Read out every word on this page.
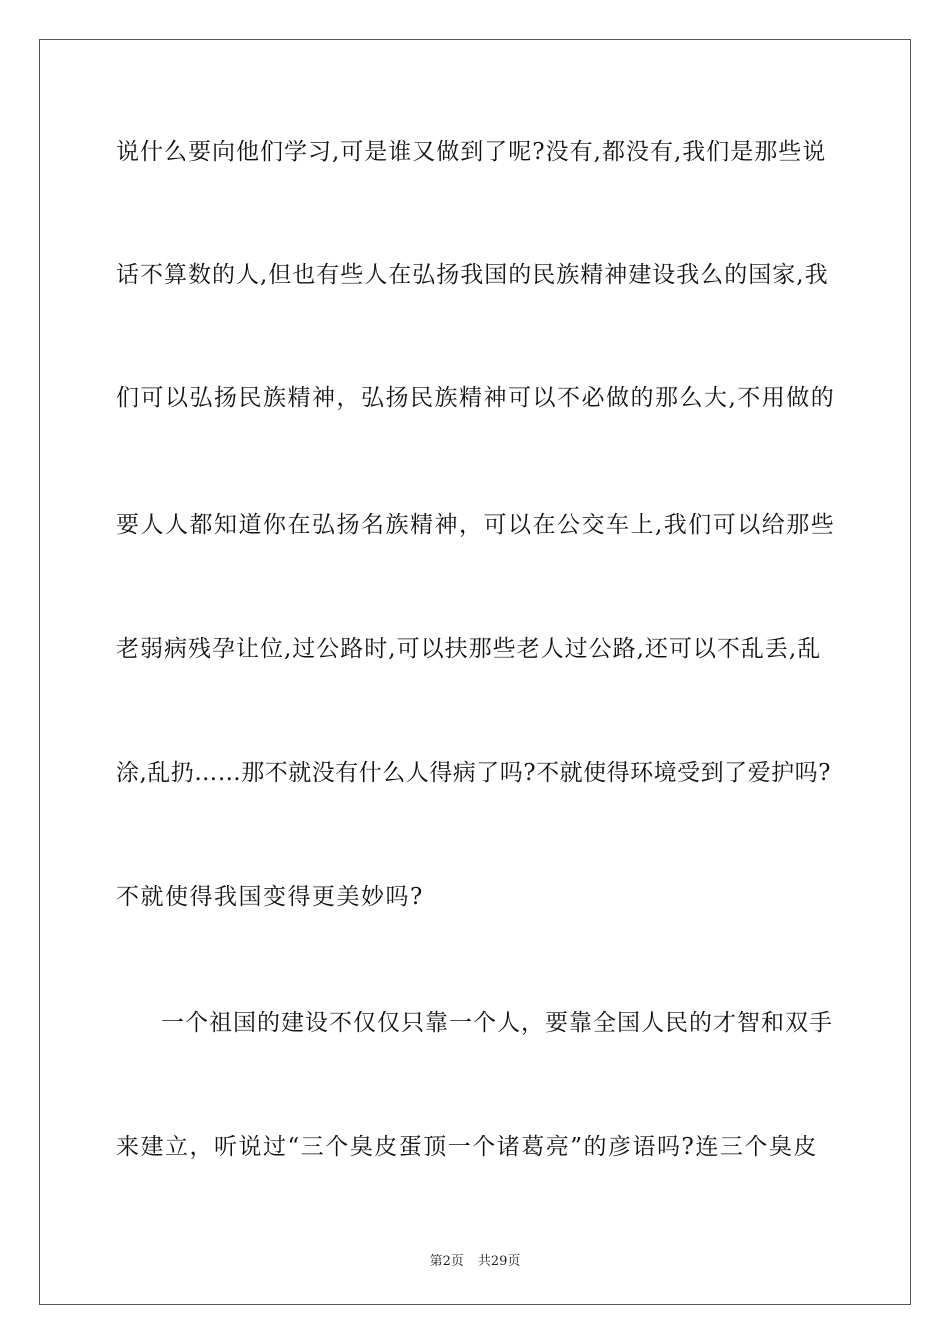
说什么要向他们学习,可是谁又做到了呢?没有,都没有,我们是那些说
话不算数的人,但也有些人在弘扬我国的民族精神建设我么的国家,我
们可以弘扬民族精神，弘扬民族精神可以不必做的那么大,不用做的
要人人都知道你在弘扬名族精神，可以在公交车上,我们可以给那些
老弱病残孕让位,过公路时,可以扶那些老人过公路,还可以不乱丢,乱
涂,乱扔……那不就没有什么人得病了吗?不就使得环境受到了爱护吗?
不就使得我国变得更美妙吗?
一个祖国的建设不仅仅只靠一个人，要靠全国人民的才智和双手
来建立，听说过“三个臭皮蛋顶一个诸葛亮”的彦语吗?连三个臭皮
第2页 共29页
